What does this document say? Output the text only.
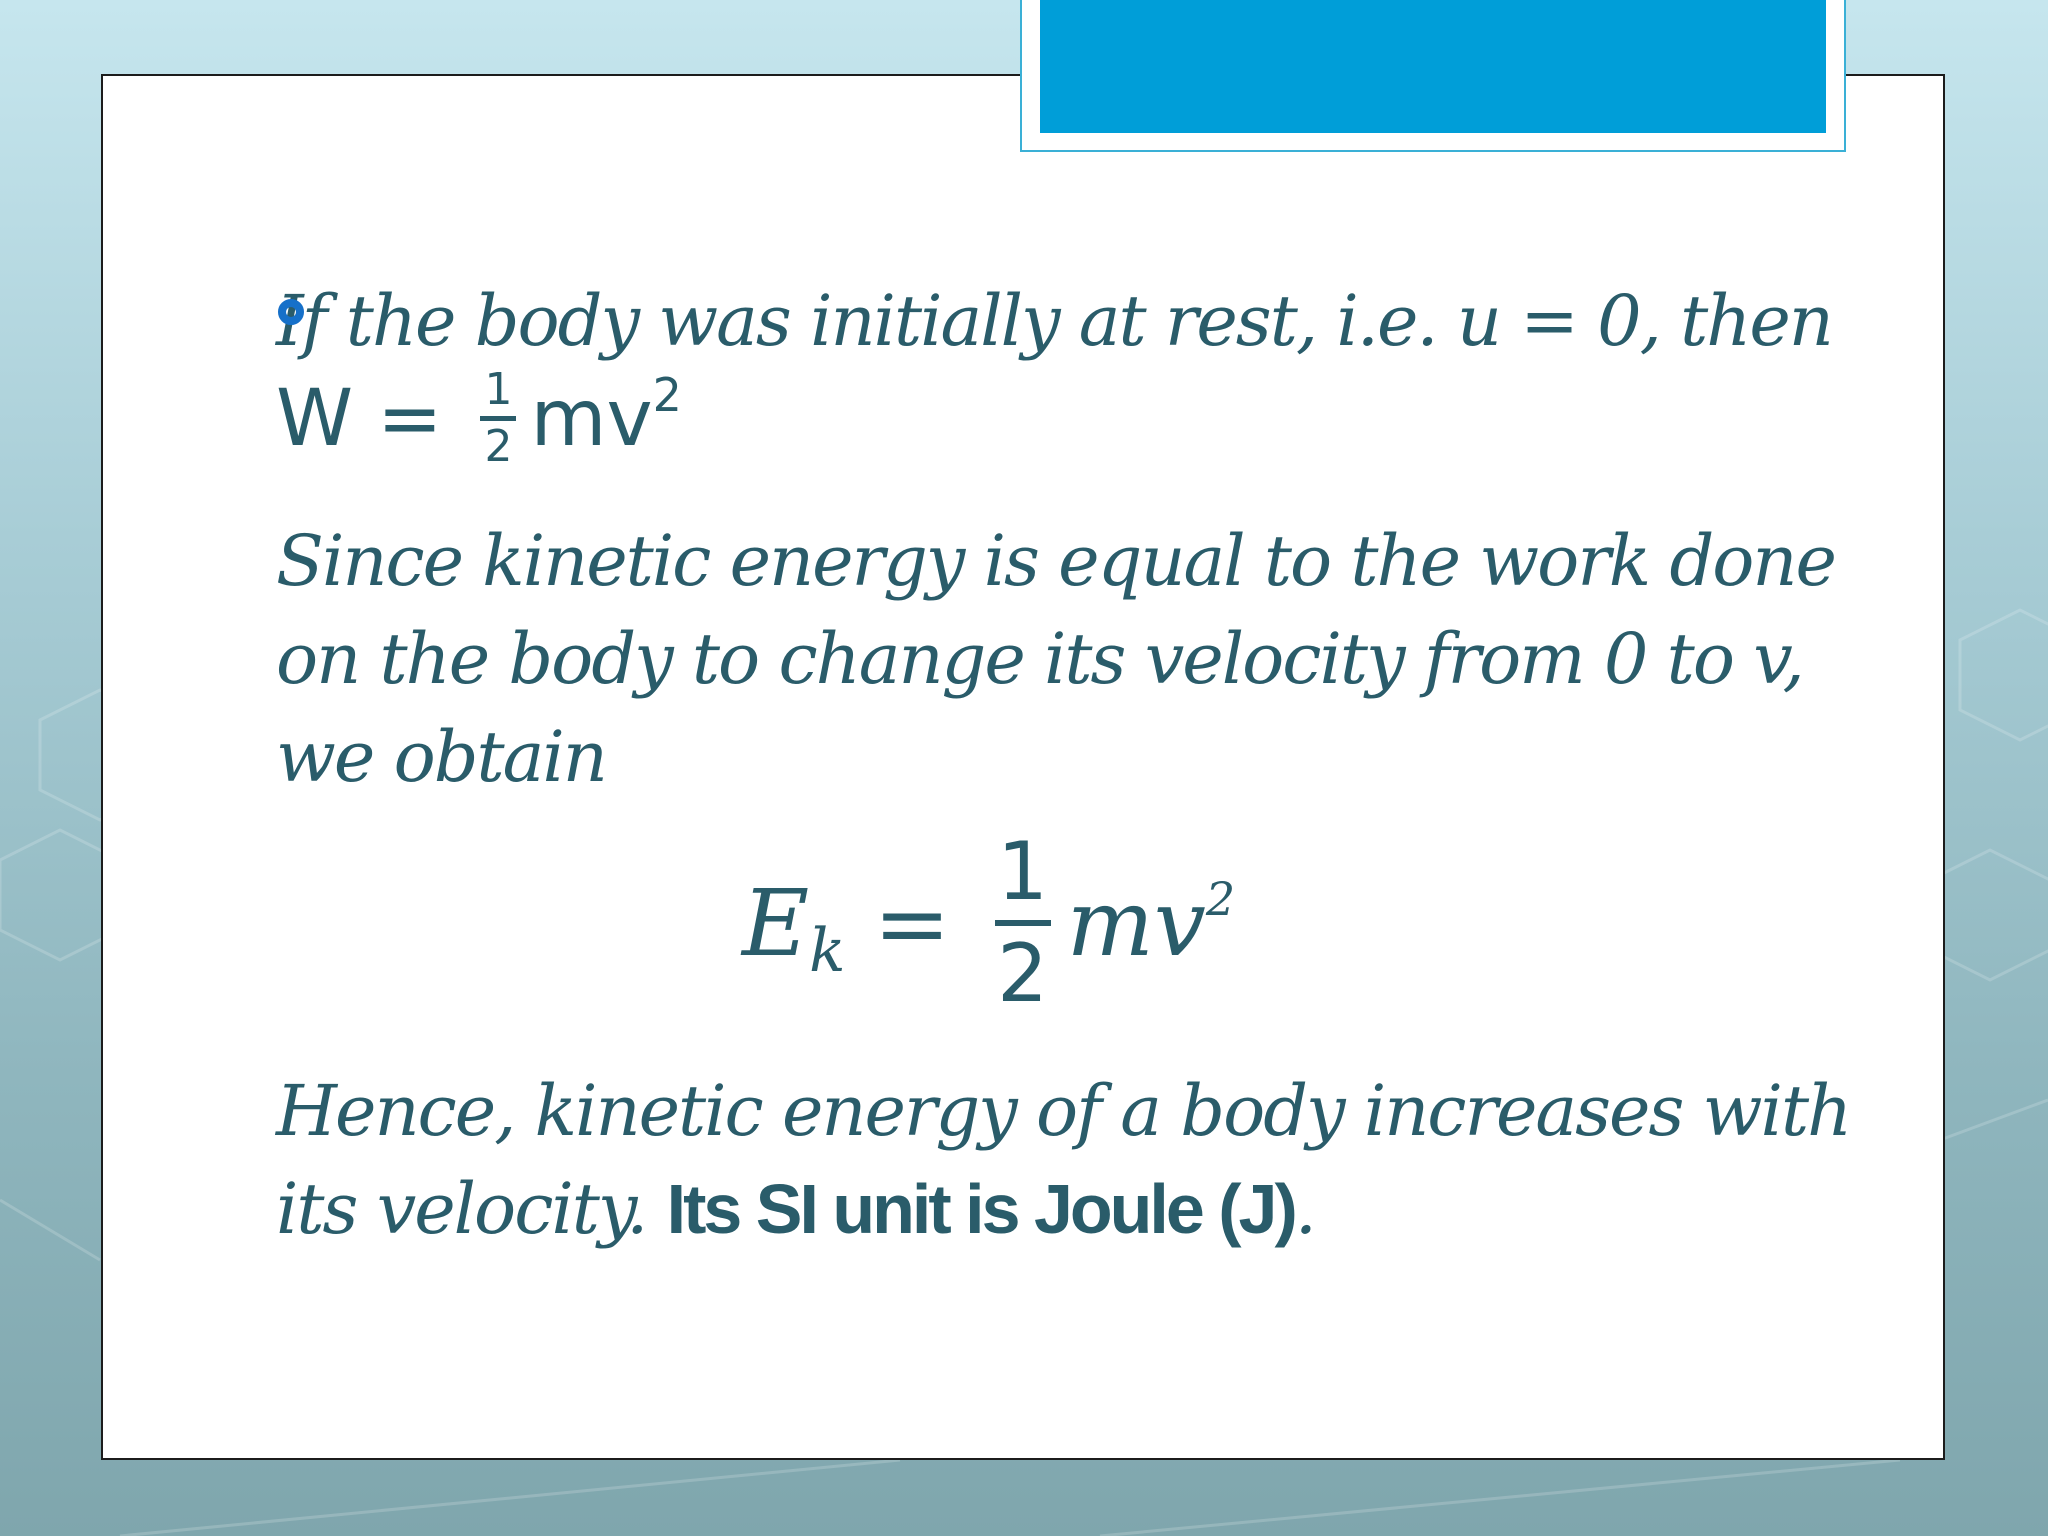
If the body was initially at rest, i.e. u = 0, then
W = 1
2 mv 2
Since kinetic energy is equal to the work done
on the body to change its velocity from 0 to v,
we obtain
E k = 1
2 mv 2
Hence, kinetic energy of a body increases with
its velocity. Its SI unit is Joule (J).
